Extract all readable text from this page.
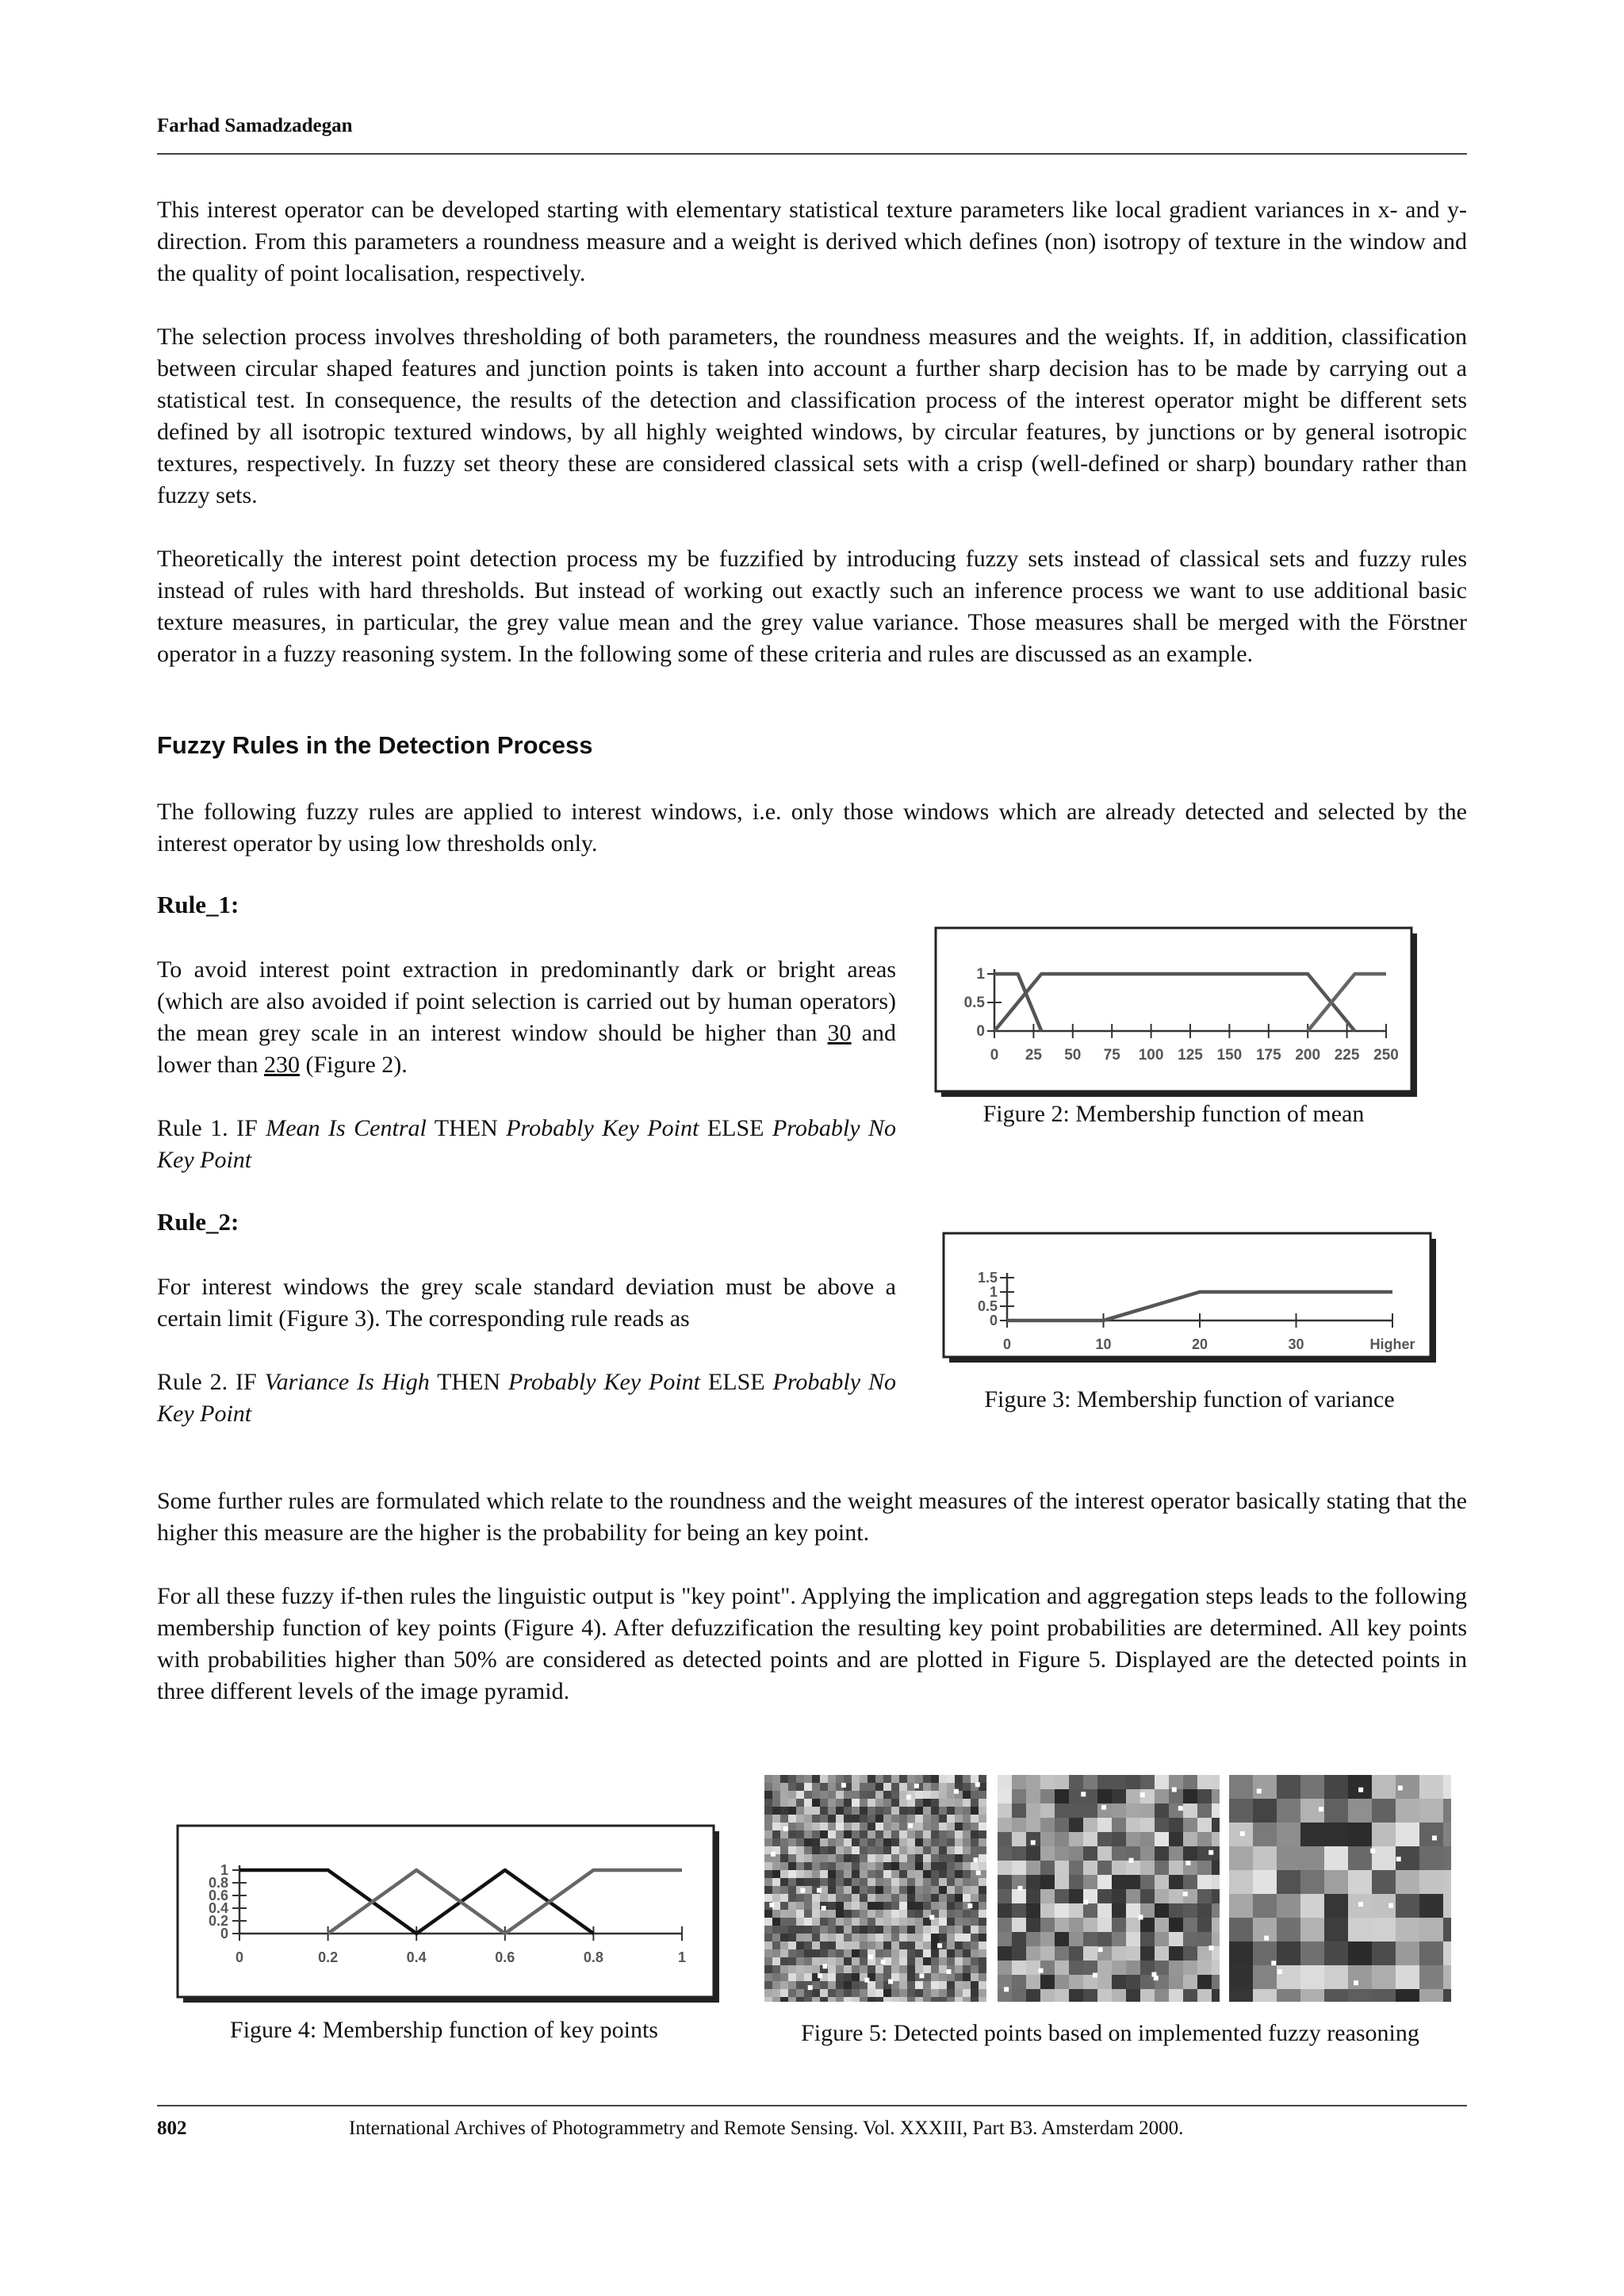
Farhad Samadzadegan
This interest operator can be developed starting with elementary statistical texture parameters like local gradient variances in x- and y-direction. From this parameters a roundness measure and a weight is derived which defines (non) isotropy of texture in the window and the quality of point localisation, respectively.
The selection process involves thresholding of both parameters, the roundness measures and the weights. If, in addition, classification between circular shaped features and junction points is taken into account a further sharp decision has to be made by carrying out a statistical test. In consequence, the results of the detection and classification process of the interest operator might be different sets defined by all isotropic textured windows, by all highly weighted windows, by circular features, by junctions or by general isotropic textures, respectively. In fuzzy set theory these are considered classical sets with a crisp (well-defined or sharp) boundary rather than fuzzy sets.
Theoretically the interest point detection process my be fuzzified by introducing fuzzy sets instead of classical sets and fuzzy rules instead of rules with hard thresholds. But instead of working out exactly such an inference process we want to use additional basic texture measures, in particular, the grey value mean and the grey value variance. Those measures shall be merged with the Förstner operator in a fuzzy reasoning system. In the following some of these criteria and rules are discussed as an example.
Fuzzy Rules in the Detection Process
The following fuzzy rules are applied to interest windows, i.e. only those windows which are already detected and selected by the interest operator by using low thresholds only.
Rule_1:
To avoid interest point extraction in predominantly dark or bright areas (which are also avoided if point selection is carried out by human operators) the mean grey scale in an interest window should be higher than 30 and lower than 230 (Figure 2).
Rule 1. IF Mean Is Central THEN Probably Key Point ELSE Probably No Key Point
Rule_2:
For interest windows the grey scale standard deviation must be above a certain limit (Figure 3). The corresponding rule reads as
Rule 2. IF Variance Is High THEN Probably Key Point ELSE Probably No Key Point
0 25 50 75 100 125 150 175 200 225 250
0
0.5
1
Figure 2: Membership function of mean
0	10	20	30	Higher
0
0.5
1
1.5
Figure 3: Membership function of variance
Some further rules are formulated which relate to the roundness and the weight measures of the interest operator basically stating that the higher this measure are the higher is the probability for being an key point.
For all these fuzzy if-then rules the linguistic output is "key point". Applying the implication and aggregation steps leads to the following membership function of key points (Figure 4). After defuzzification the resulting key point probabilities are determined. All key points with probabilities higher than 50% are considered as detected points and are plotted in Figure 5. Displayed are the detected points in three different levels of the image pyramid.
0	0.2	0.4	0.6	0.8	1
0
0.2
0.4
0.6
0.8
1
Figure 4: Membership function of key points	Figure 5: Detected points based on implemented fuzzy reasoning
802	International Archives of Photogrammetry and Remote Sensing. Vol. XXXIII, Part B3. Amsterdam 2000.
